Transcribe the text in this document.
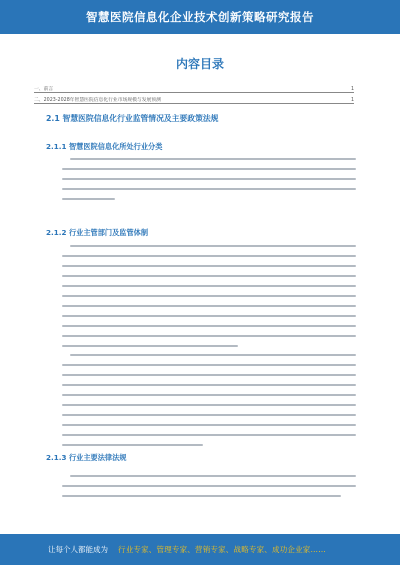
智慧医院信息化企业技术创新策略研究报告
内容目录
一、前言	1
二、2023-2028年智慧医院信息化行业市场规模与发展预测	1
2.1 智慧医院信息化行业监管情况及主要政策法规
2.1.1 智慧医院信息化所处行业分类
2.1.2 行业主管部门及监管体制
2.1.3 行业主要法律法规
让每个人都能成为 行业专家、管理专家、营销专家、战略专家、成功企业家……
